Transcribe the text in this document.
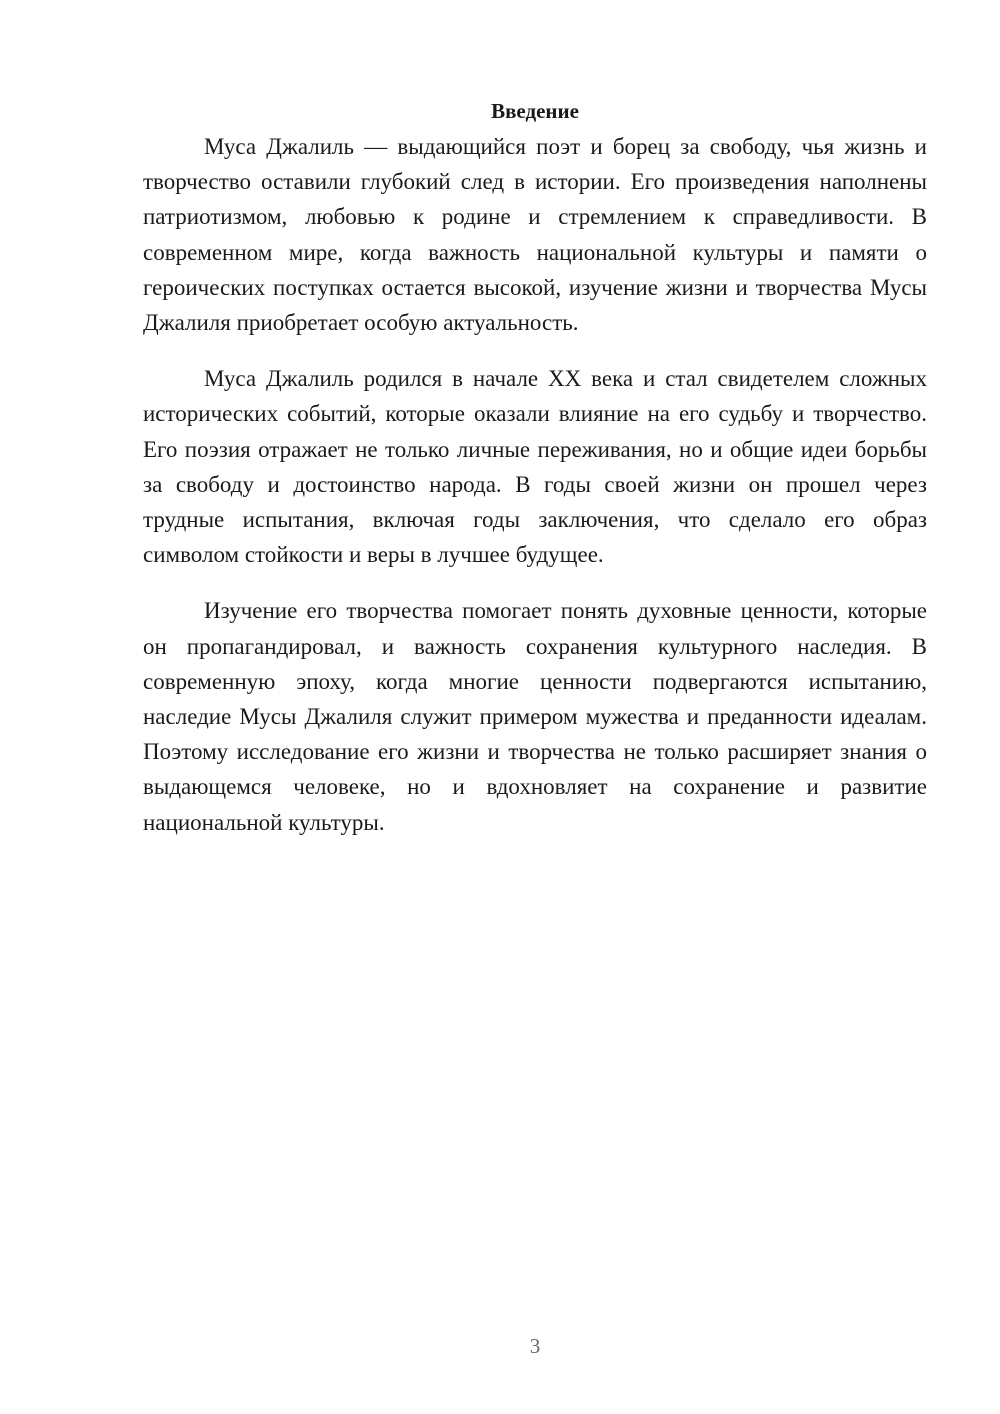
Введение

Муса Джалиль — выдающийся поэт и борец за свободу, чья жизнь и творчество оставили глубокий след в истории. Его произведения наполнены патриотизмом, любовью к родине и стремлением к справедливости. В современном мире, когда важность национальной культуры и памяти о героических поступках остается высокой, изучение жизни и творчества Мусы Джалиля приобретает особую актуальность.

Муса Джалиль родился в начале XX века и стал свидетелем сложных исторических событий, которые оказали влияние на его судьбу и творчество. Его поэзия отражает не только личные переживания, но и общие идеи борьбы за свободу и достоинство народа. В годы своей жизни он прошел через трудные испытания, включая годы заключения, что сделало его образ символом стойкости и веры в лучшее будущее.

Изучение его творчества помогает понять духовные ценности, которые он пропагандировал, и важность сохранения культурного наследия. В современную эпоху, когда многие ценности подвергаются испытанию, наследие Мусы Джалиля служит примером мужества и преданности идеалам. Поэтому исследование его жизни и творчества не только расширяет знания о выдающемся человеке, но и вдохновляет на сохранение и развитие национальной культуры.

3
